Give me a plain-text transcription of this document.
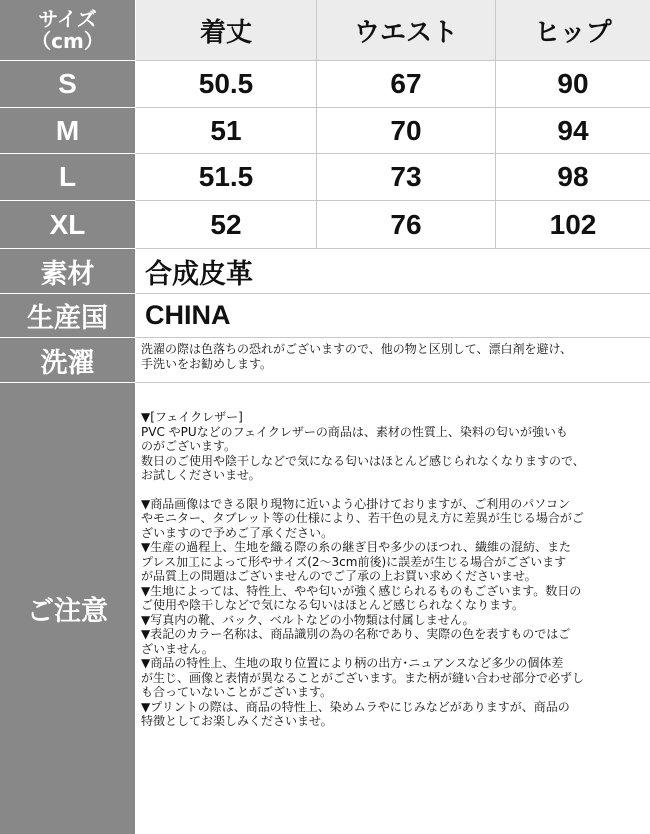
サイズ
（cm）	着丈	ウエスト	ヒップ
S	50.5	67	90
M	51	70	94
L	51.5	73	98
XL	52	76	102
素材	合成皮革
生産国	CHINA
洗濯	洗濯の際は色落ちの恐れがございますので、他の物と区別して、漂白剤を避け、
手洗いをお勧めします。

ご注意

▼[フェイクレザー]
PVC やPUなどのフェイクレザーの商品は、素材の性質上、染料の匂いが強いも
のがございます。
数日のご使用や陰干しなどで気になる匂いはほとんど感じられなくなりますので、
お試しくださいませ。

▼商品画像はできる限り現物に近いよう心掛けておりますが、ご利用のパソコン
やモニター、タブレット等の仕様により、若干色の見え方に差異が生じる場合がご
ざいますので予めご了承ください。
▼生産の過程上、生地を織る際の糸の継ぎ目や多少のほつれ、繊維の混紡、また
プレス加工によって形やサイズ(2〜3cm前後)に誤差が生じる場合がございます
が品質上の問題はございませんのでご了承の上お買い求めくださいませ。
▼生地によっては、特性上、やや匂いが強く感じられるものもございます。数日の
ご使用や陰干しなどで気になる匂いはほとんど感じられなくなります。
▼写真内の靴、バック、ベルトなどの小物類は付属しません。
▼表記のカラー名称は、商品識別の為の名称であり、実際の色を表すものではご
ざいません。
▼商品の特性上、生地の取り位置により柄の出方･ニュアンスなど多少の個体差
が生じ、画像と表情が異なることがございます。また柄が縫い合わせ部分で必ずし
も合っていないことがございます。
▼プリントの際は、商品の特性上、染めムラやにじみなどがありますが、商品の
特徴としてお楽しみくださいませ。
